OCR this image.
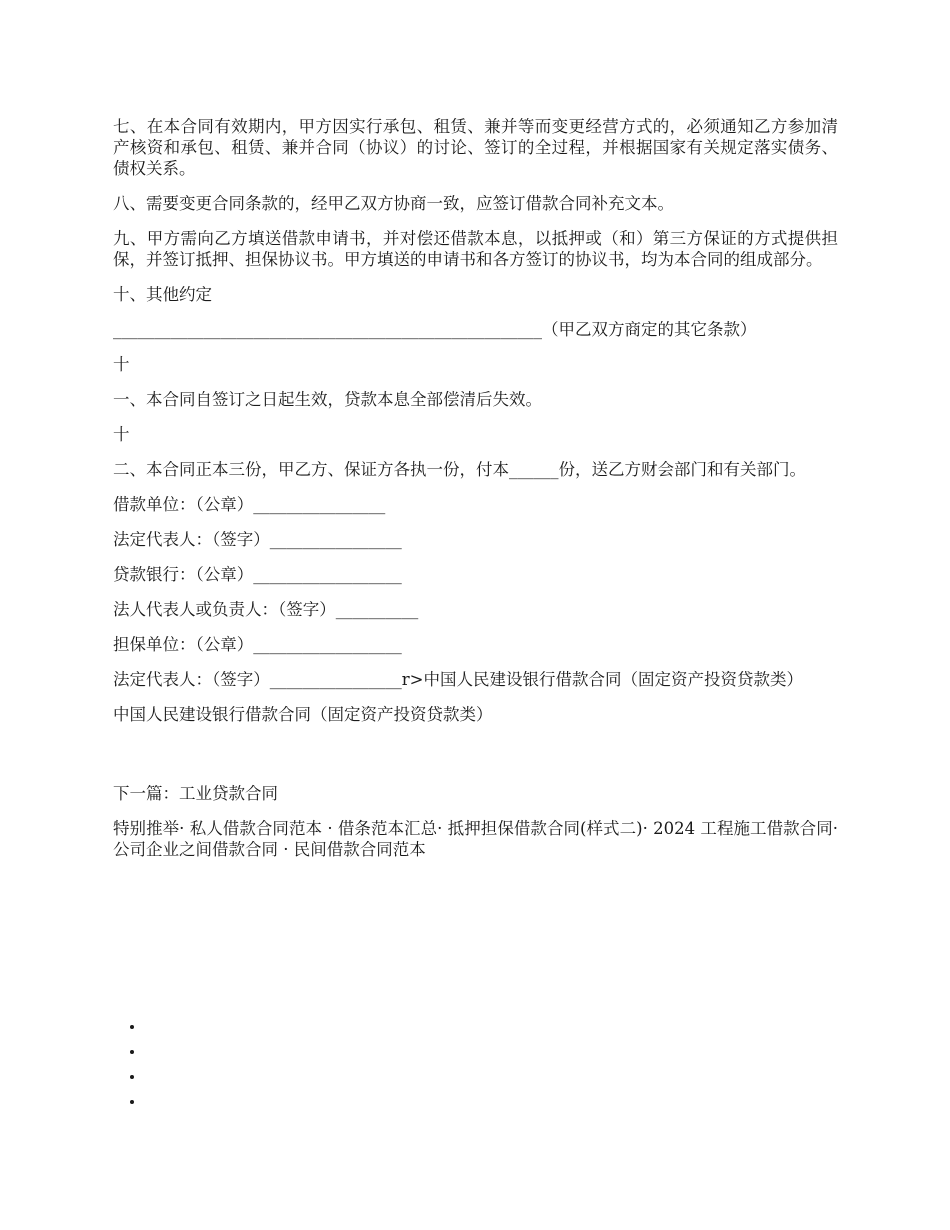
七、在本合同有效期内，甲方因实行承包、租赁、兼并等而变更经营方式的，必须通知乙方参加清产核资和承包、租赁、兼并合同（协议）的讨论、签订的全过程，并根据国家有关规定落实债务、债权关系。

八、需要变更合同条款的，经甲乙双方协商一致，应签订借款合同补充文本。

九、甲方需向乙方填送借款申请书，并对偿还借款本息，以抵押或（和）第三方保证的方式提供担保，并签订抵押、担保协议书。甲方填送的申请书和各方签订的协议书，均为本合同的组成部分。

十、其他约定

____________________________________________________（甲乙双方商定的其它条款）

十

一、本合同自签订之日起生效，贷款本息全部偿清后失效。

十

二、本合同正本三份，甲乙方、保证方各执一份，付本______份，送乙方财会部门和有关部门。

借款单位：（公章）________________

法定代表人：（签字）________________

贷款银行：（公章）__________________

法人代表人或负责人：（签字）__________

担保单位：（公章）__________________

法定代表人：（签字）________________r>中国人民建设银行借款合同（固定资产投资贷款类）

中国人民建设银行借款合同（固定资产投资贷款类）

下一篇：工业贷款合同

特别推举· 私人借款合同范本 · 借条范本汇总· 抵押担保借款合同(样式二)· 2024 工程施工借款合同· 公司企业之间借款合同 · 民间借款合同范本
